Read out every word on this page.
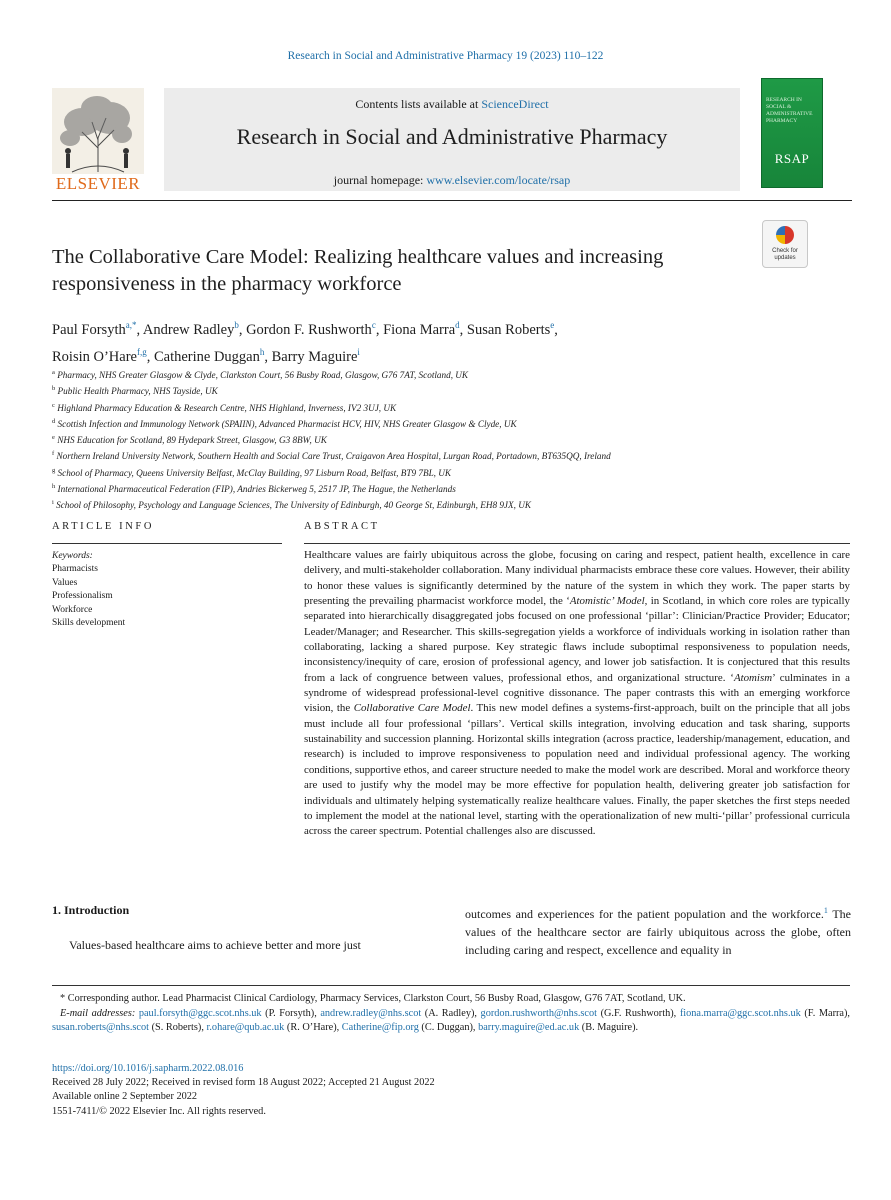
Research in Social and Administrative Pharmacy 19 (2023) 110–122
ELSEVIER
Contents lists available at ScienceDirect
Research in Social and Administrative Pharmacy
journal homepage: www.elsevier.com/locate/rsap
RESEARCH IN SOCIAL & ADMINISTRATIVE PHARMACY
RSAP
Check for
updates
The Collaborative Care Model: Realizing healthcare values and increasing
responsiveness in the pharmacy workforce
Paul Forsyth$^{a,*}$, Andrew Radley$^b$, Gordon F. Rushworth$^c$, Fiona Marra$^d$, Susan Roberts$^e$,
Roisin O’Hare$^{f,g}$, Catherine Duggan$^h$, Barry Maguire$^i$
$^a$ Pharmacy, NHS Greater Glasgow & Clyde, Clarkston Court, 56 Busby Road, Glasgow, G76 7AT, Scotland, UK
$^b$ Public Health Pharmacy, NHS Tayside, UK
$^c$ Highland Pharmacy Education & Research Centre, NHS Highland, Inverness, IV2 3UJ, UK
$^d$ Scottish Infection and Immunology Network (SPAIIN), Advanced Pharmacist HCV, HIV, NHS Greater Glasgow & Clyde, UK
$^e$ NHS Education for Scotland, 89 Hydepark Street, Glasgow, G3 8BW, UK
$^f$ Northern Ireland University Network, Southern Health and Social Care Trust, Craigavon Area Hospital, Lurgan Road, Portadown, BT635QQ, Ireland
$^g$ School of Pharmacy, Queens University Belfast, McClay Building, 97 Lisburn Road, Belfast, BT9 7BL, UK
$^h$ International Pharmaceutical Federation (FIP), Andries Bickerweg 5, 2517 JP, The Hague, the Netherlands
$^i$ School of Philosophy, Psychology and Language Sciences, The University of Edinburgh, 40 George St, Edinburgh, EH8 9JX, UK
ARTICLE INFO	ABSTRACT
Keywords:
Pharmacists
Values
Professionalism
Workforce
Skills development
Healthcare values are fairly ubiquitous across the globe, focusing on caring and respect, patient health, excellence in care delivery, and multi-stakeholder collaboration. Many individual pharmacists embrace these core values. However, their ability to honor these values is significantly determined by the nature of the system in which they work. The paper starts by presenting the prevailing pharmacist workforce model, the ‘Atomistic’ Model, in Scotland, in which core roles are typically separated into hierarchically disaggregated jobs focused on one professional ‘pillar’: Clinician/Practice Provider; Educator; Leader/Manager; and Researcher. This skills-segregation yields a workforce of individuals working in isolation rather than collaborating, lacking a shared purpose. Key strategic flaws include suboptimal responsiveness to population needs, inconsistency/inequity of care, erosion of professional agency, and lower job satisfaction. It is conjectured that this results from a lack of congruence between values, professional ethos, and organizational structure. ‘Atomism’ culminates in a syndrome of widespread professional-level cognitive dissonance. The paper contrasts this with an emerging workforce vision, the Collaborative Care Model. This new model defines a systems-first-approach, built on the principle that all jobs must include all four professional ‘pillars’. Vertical skills integration, involving education and task sharing, supports sustainability and succession planning. Horizontal skills integration (across practice, leadership/management, education, and research) is included to improve responsiveness to population need and individual professional agency. The working conditions, supportive ethos, and career structure needed to make the model work are described. Moral and workforce theory are used to justify why the model may be more effective for population health, delivering greater job satisfaction for individuals and ultimately helping systematically realize healthcare values. Finally, the paper sketches the first steps needed to implement the model at the national level, starting with the operationalization of new multi-‘pillar’ professional curricula across the career spectrum. Potential challenges also are discussed.
1. Introduction
Values-based healthcare aims to achieve better and more just
outcomes and experiences for the patient population and the workforce.$^1$ The values of the healthcare sector are fairly ubiquitous across the globe, often including caring and respect, excellence and equality in
* Corresponding author. Lead Pharmacist Clinical Cardiology, Pharmacy Services, Clarkston Court, 56 Busby Road, Glasgow, G76 7AT, Scotland, UK.
E-mail addresses: paul.forsyth@ggc.scot.nhs.uk (P. Forsyth), andrew.radley@nhs.scot (A. Radley), gordon.rushworth@nhs.scot (G.F. Rushworth), fiona.marra@ggc.scot.nhs.uk (F. Marra), susan.roberts@nhs.scot (S. Roberts), r.ohare@qub.ac.uk (R. O’Hare), Catherine@fip.org (C. Duggan), barry.maguire@ed.ac.uk (B. Maguire).
https://doi.org/10.1016/j.sapharm.2022.08.016
Received 28 July 2022; Received in revised form 18 August 2022; Accepted 21 August 2022
Available online 2 September 2022
1551-7411/© 2022 Elsevier Inc. All rights reserved.
